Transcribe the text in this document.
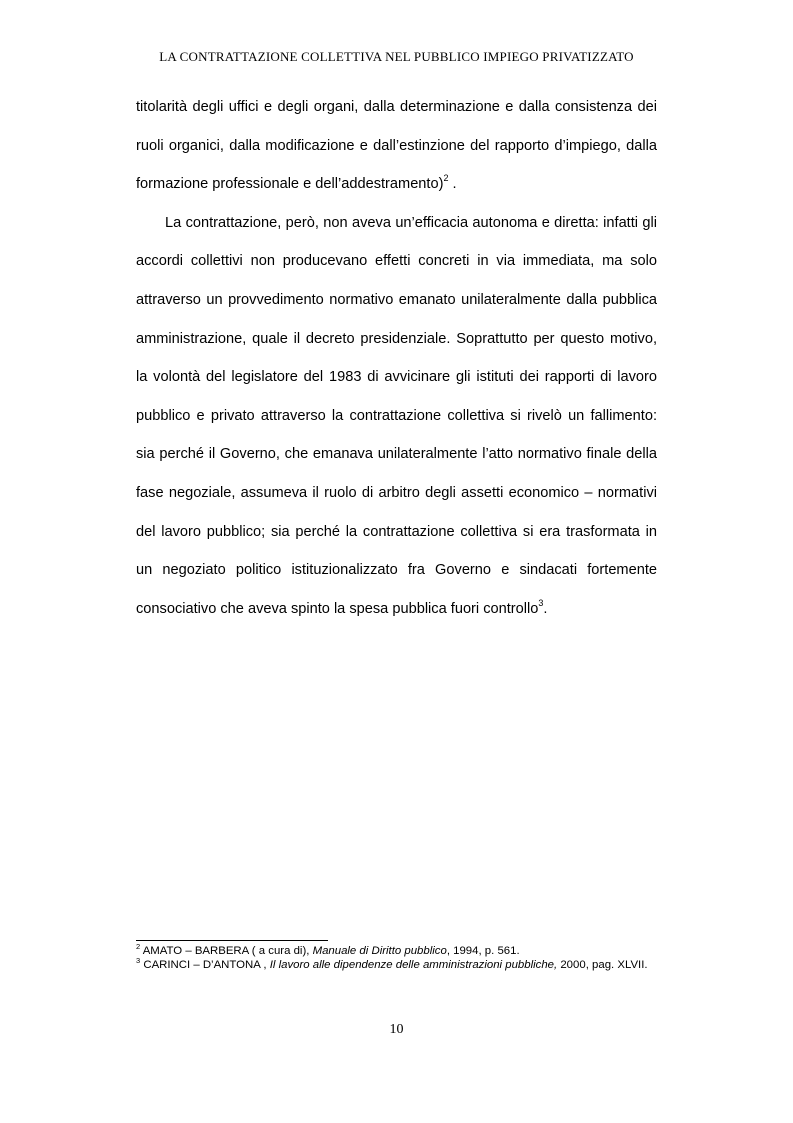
LA CONTRATTAZIONE COLLETTIVA NEL PUBBLICO IMPIEGO PRIVATIZZATO

titolarità degli uffici e degli organi, dalla determinazione e dalla consistenza dei ruoli organici, dalla modificazione e dall’estinzione del rapporto d’impiego, dalla formazione professionale e dell’addestramento)$^2$ .

La contrattazione, però, non aveva un’efficacia autonoma e diretta: infatti gli accordi collettivi non producevano effetti concreti in via immediata, ma solo attraverso un provvedimento normativo emanato unilateralmente dalla pubblica amministrazione, quale il decreto presidenziale. Soprattutto per questo motivo, la volontà del legislatore del 1983 di avvicinare gli istituti dei rapporti di lavoro pubblico e privato attraverso la contrattazione collettiva si rivelò un fallimento: sia perché il Governo, che emanava unilateralmente l’atto normativo finale della fase negoziale, assumeva il ruolo di arbitro degli assetti economico – normativi del lavoro pubblico; sia perché la contrattazione collettiva si era trasformata in un negoziato politico istituzionalizzato fra Governo e sindacati fortemente consociativo che aveva spinto la spesa pubblica fuori controllo$^3$.

$^2$ AMATO – BARBERA ( a cura di), Manuale di Diritto pubblico, 1994, p. 561.

$^3$ CARINCI – D’ANTONA , Il lavoro alle dipendenze delle amministrazioni pubbliche, 2000, pag. XLVII.

10
